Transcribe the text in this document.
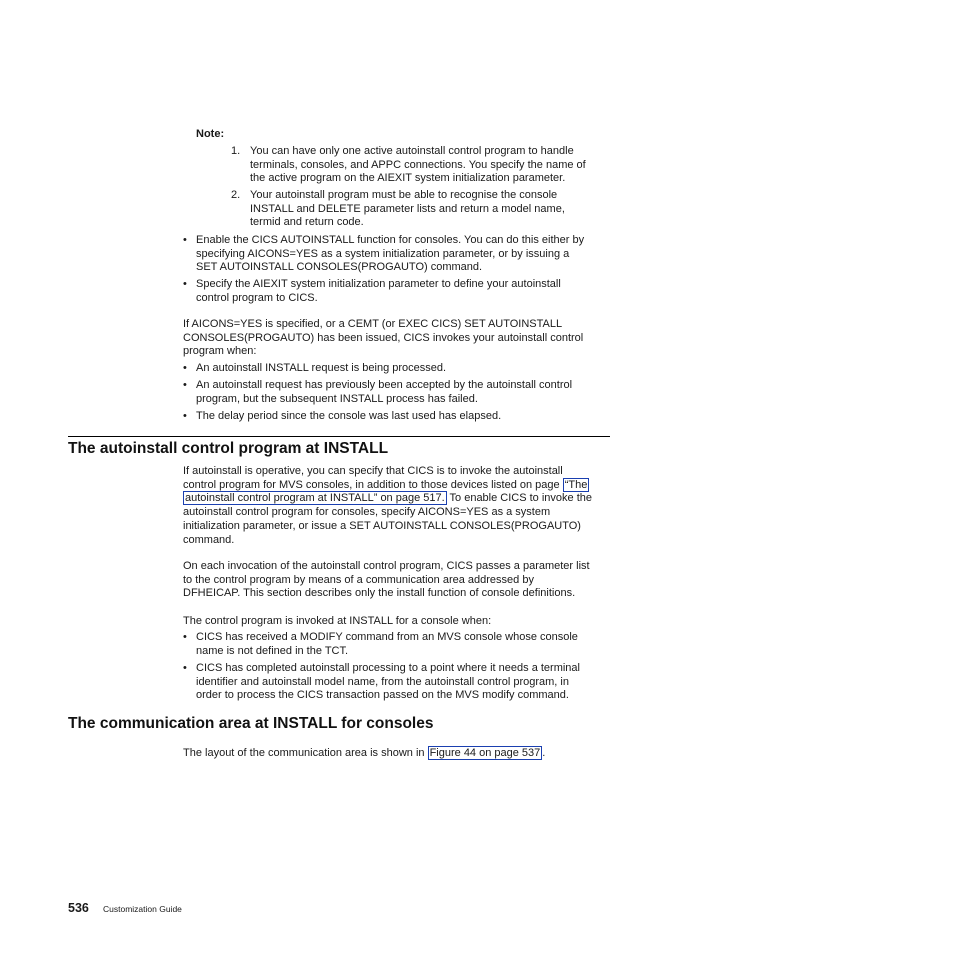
Note:
1. You can have only one active autoinstall control program to handle
terminals, consoles, and APPC connections. You specify the name of
the active program on the AIEXIT system initialization parameter.
2. Your autoinstall program must be able to recognise the console
INSTALL and DELETE parameter lists and return a model name,
termid and return code.
• Enable the CICS AUTOINSTALL function for consoles. You can do this either by
specifying AICONS=YES as a system initialization parameter, or by issuing a
SET AUTOINSTALL CONSOLES(PROGAUTO) command.
• Specify the AIEXIT system initialization parameter to define your autoinstall
control program to CICS.
If AICONS=YES is specified, or a CEMT (or EXEC CICS) SET AUTOINSTALL
CONSOLES(PROGAUTO) has been issued, CICS invokes your autoinstall control
program when:
• An autoinstall INSTALL request is being processed.
• An autoinstall request has previously been accepted by the autoinstall control
program, but the subsequent INSTALL process has failed.
• The delay period since the console was last used has elapsed.
The autoinstall control program at INSTALL
If autoinstall is operative, you can specify that CICS is to invoke the autoinstall
control program for MVS consoles, in addition to those devices listed on page “The
autoinstall control program at INSTALL” on page 517. To enable CICS to invoke the
autoinstall control program for consoles, specify AICONS=YES as a system
initialization parameter, or issue a SET AUTOINSTALL CONSOLES(PROGAUTO)
command.
On each invocation of the autoinstall control program, CICS passes a parameter list
to the control program by means of a communication area addressed by
DFHEICAP. This section describes only the install function of console definitions.
The control program is invoked at INSTALL for a console when:
• CICS has received a MODIFY command from an MVS console whose console
name is not defined in the TCT.
• CICS has completed autoinstall processing to a point where it needs a terminal
identifier and autoinstall model name, from the autoinstall control program, in
order to process the CICS transaction passed on the MVS modify command.
The communication area at INSTALL for consoles
The layout of the communication area is shown in Figure 44 on page 537 .
536 Customization Guide
